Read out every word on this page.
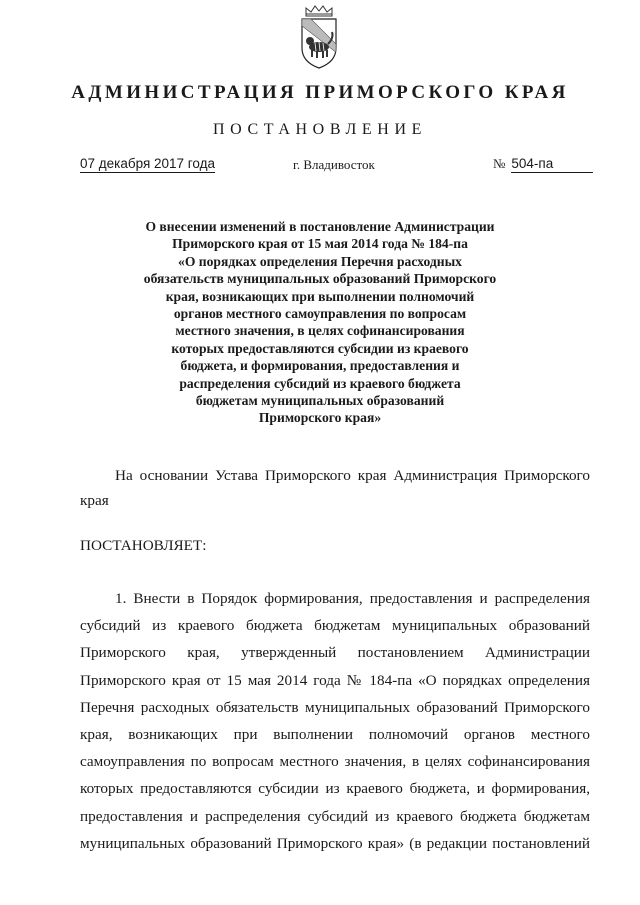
АДМИНИСТРАЦИЯ ПРИМОРСКОГО КРАЯ
ПОСТАНОВЛЕНИЕ
07 декабря 2017 года	г. Владивосток	№ 504-па
О внесении изменений в постановление Администрации
Приморского края от 15 мая 2014 года № 184-па
«О порядках определения Перечня расходных
обязательств муниципальных образований Приморского
края, возникающих при выполнении полномочий
органов местного самоуправления по вопросам
местного значения, в целях софинансирования
которых предоставляются субсидии из краевого
бюджета, и формирования, предоставления и
распределения субсидий из краевого бюджета
бюджетам муниципальных образований
Приморского края»
На основании Устава Приморского края Администрация Приморского края
ПОСТАНОВЛЯЕТ:
1. Внести в Порядок формирования, предоставления и распределения
субсидий из краевого бюджета бюджетам муниципальных образований
Приморского края, утвержденный постановлением Администрации
Приморского края от 15 мая 2014 года № 184-па «О порядках определения
Перечня расходных обязательств муниципальных образований Приморского
края, возникающих при выполнении полномочий органов местного
самоуправления по вопросам местного значения, в целях софинансирования
которых предоставляются субсидии из краевого бюджета, и формирования,
предоставления и распределения субсидий из краевого бюджета бюджетам
муниципальных образований Приморского края» (в редакции постановлений
